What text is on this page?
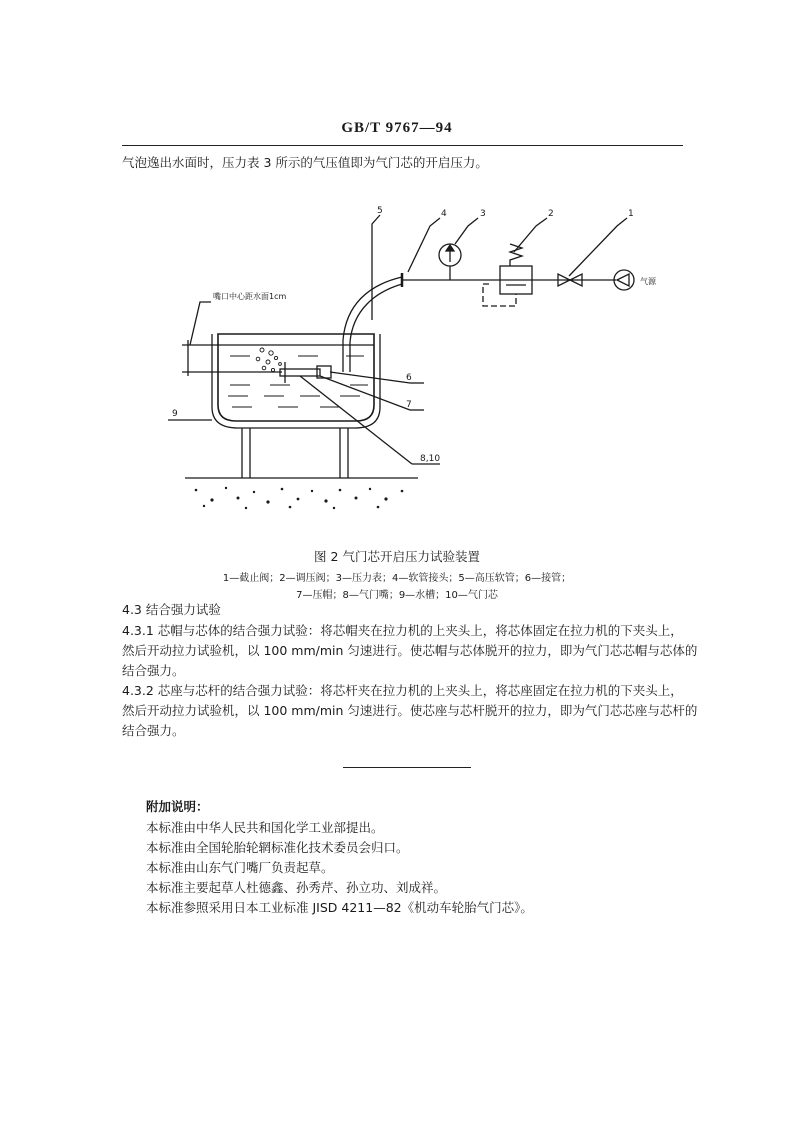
GB/T 9767—94
气泡逸出水面时，压力表 3 所示的气压值即为气门芯的开启压力。
5	4	3	2	1
6
7
8,10
9
气源
嘴口中心距水面1cm
图 2 气门芯开启压力试验装置
1—截止阀；2—调压阀；3—压力表；4—软管接头；5—高压软管；6—接管；
7—压帽；8—气门嘴；9—水槽；10—气门芯
4.3 结合强力试验
4.3.1 芯帽与芯体的结合强力试验：将芯帽夹在拉力机的上夹头上，将芯体固定在拉力机的下夹头上，
然后开动拉力试验机，以 100 mm/min 匀速进行。使芯帽与芯体脱开的拉力，即为气门芯芯帽与芯体的
结合强力。
4.3.2 芯座与芯杆的结合强力试验：将芯杆夹在拉力机的上夹头上，将芯座固定在拉力机的下夹头上，
然后开动拉力试验机，以 100 mm/min 匀速进行。使芯座与芯杆脱开的拉力，即为气门芯芯座与芯杆的
结合强力。
附加说明：
本标准由中华人民共和国化学工业部提出。
本标准由全国轮胎轮辋标准化技术委员会归口。
本标准由山东气门嘴厂负责起草。
本标准主要起草人杜德鑫、孙秀芹、孙立功、刘成祥。
本标准参照采用日本工业标准 JISD 4211—82《机动车轮胎气门芯》。
